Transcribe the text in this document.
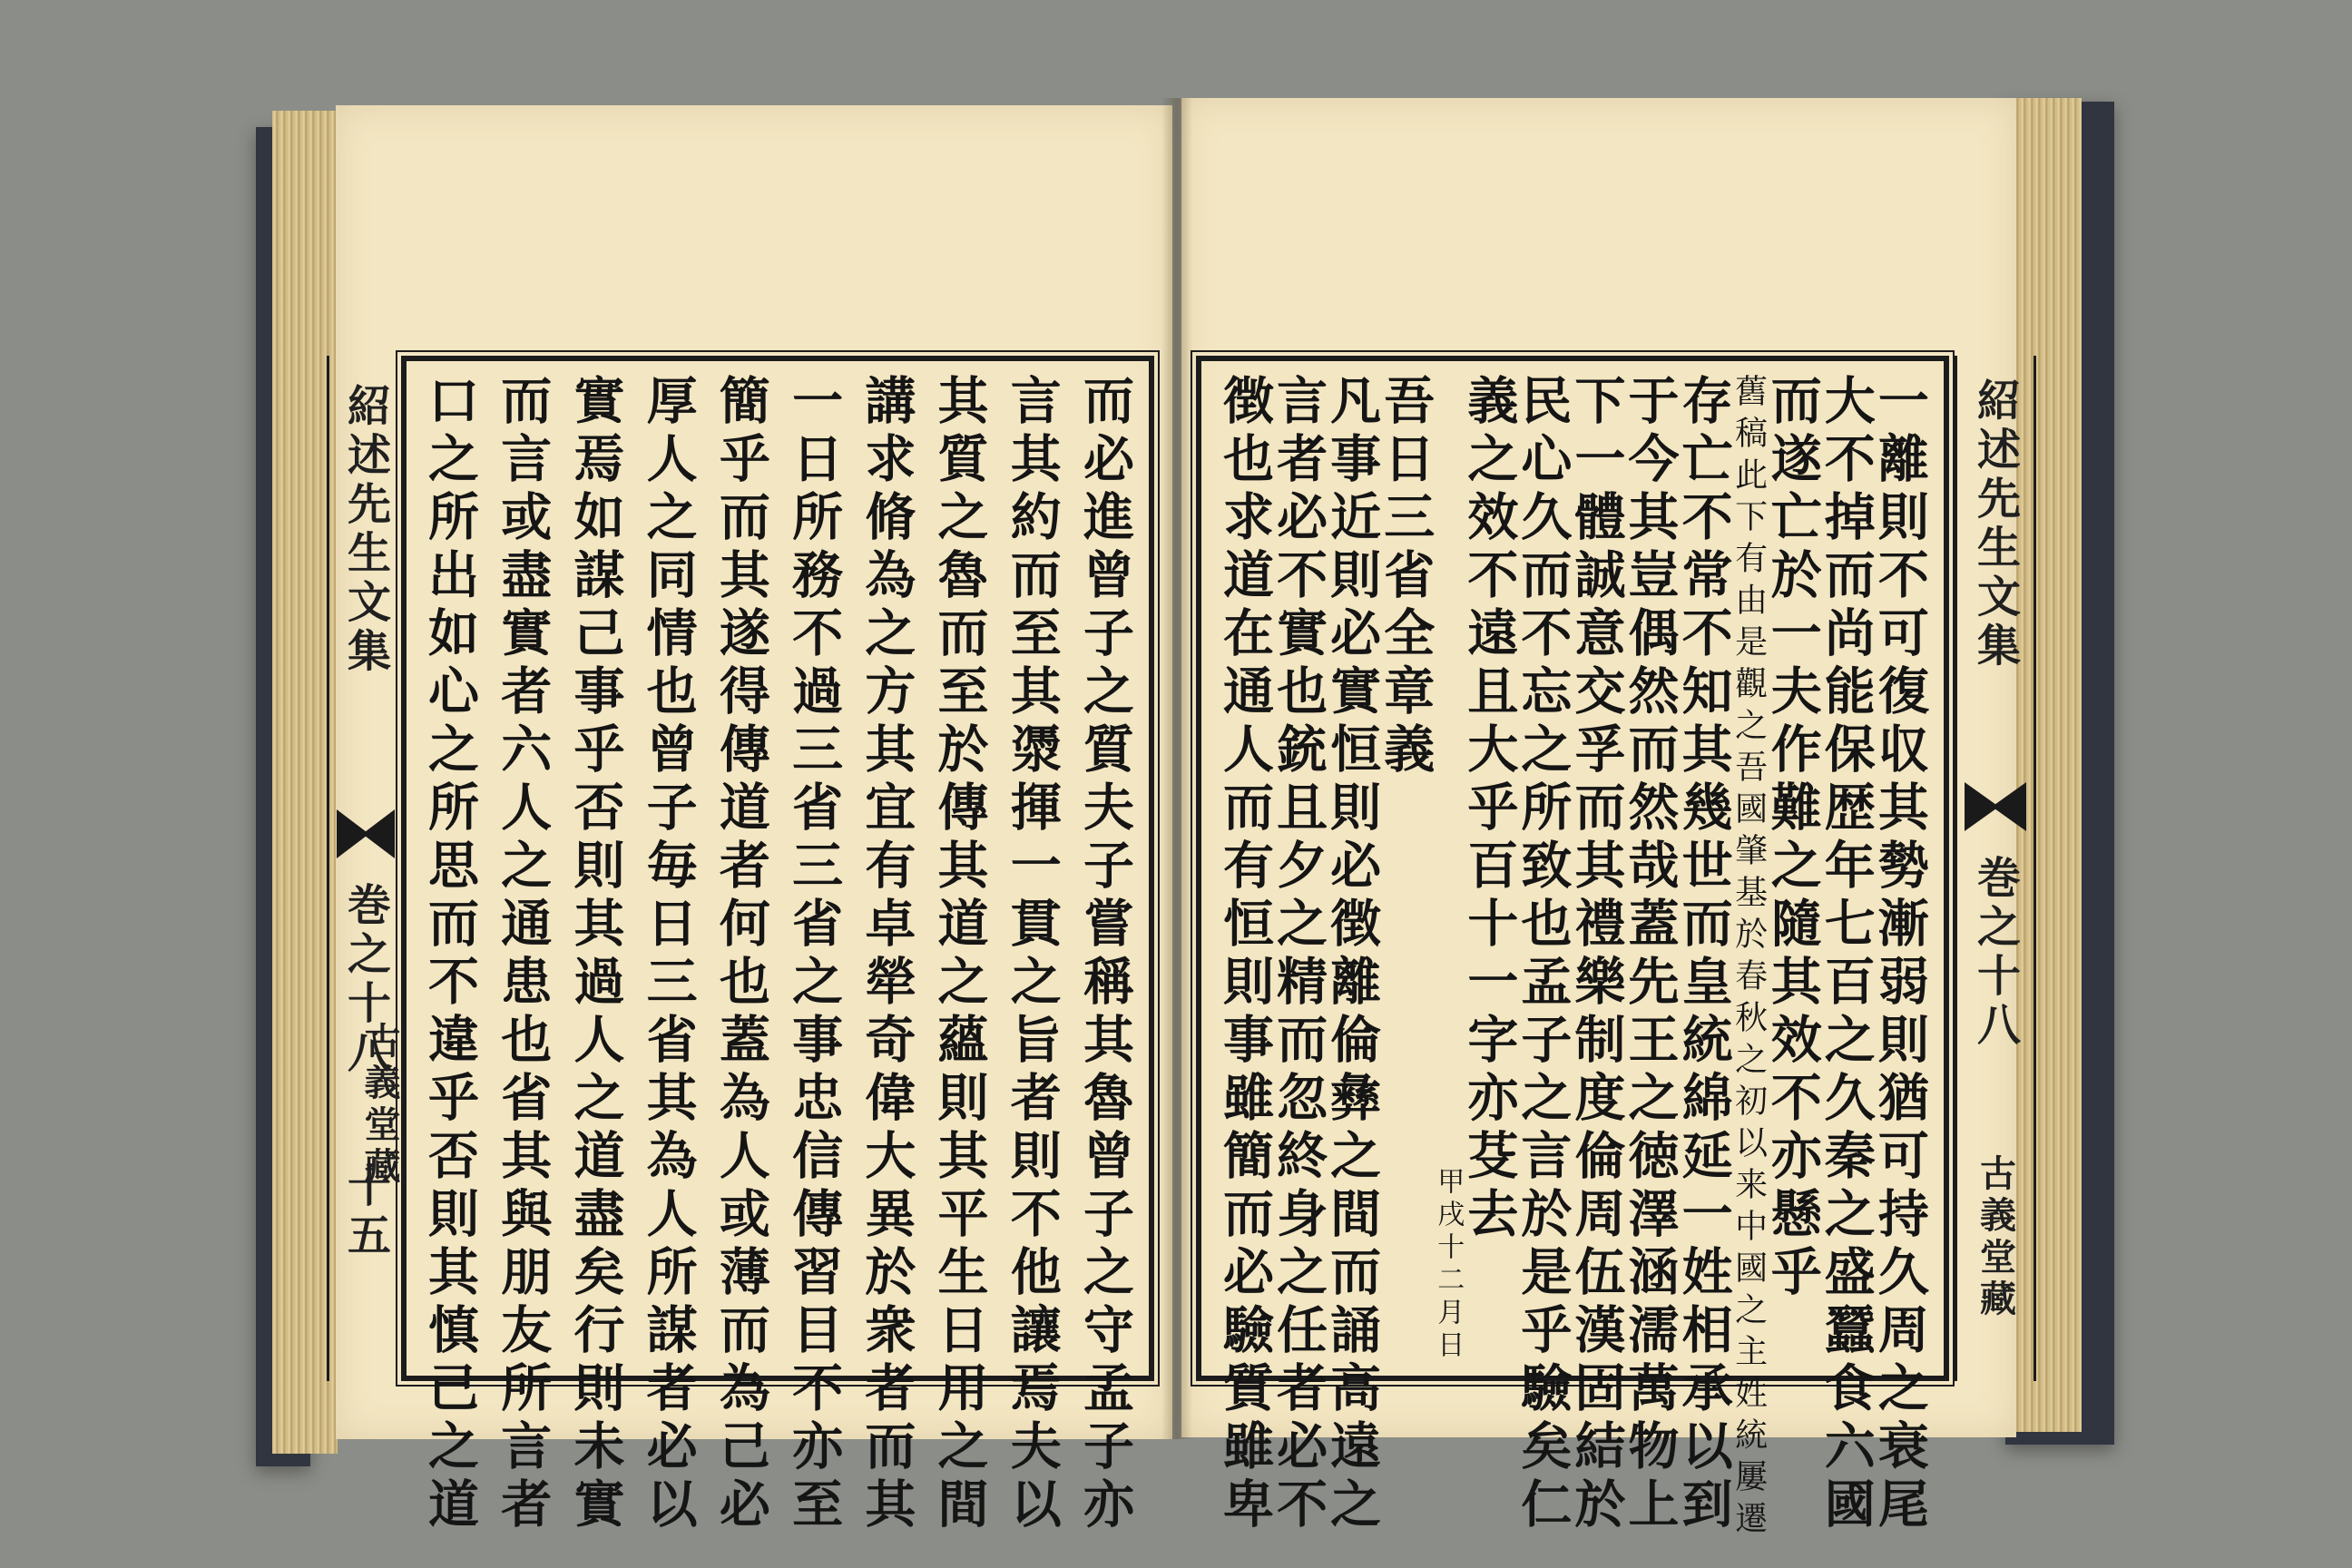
而必進曾子之質夫子嘗稱其魯曾子之守孟子亦
言其約而至其㵗揮一貫之旨者則不他讓焉夫以
其質之魯而至於傳其道之蘊則其平生日用之間
講求脩為之方其宜有卓犖奇偉大異於衆者而其
一日所務不過三省三省之事忠信傳習目不亦至
簡乎而其遂得傳道者何也蓋為人或薄而為己必
厚人之同情也曾子毎日三省其為人所謀者必以
實焉如謀己事乎否則其過人之道盡矣行則未實
而言或盡實者六人之通患也省其與朋友所言者
口之所出如心之所思而不違乎否則其慎己之道
紹述先生文集
巻之十八
十五
古義堂藏	一離則不可復収其勢漸弱則猶可持久周之衰尾
大不掉而尚能保歴年七百之久秦之盛蠶食六國
而遂亡於一夫作難之隨其效不亦懸乎
舊稿此下有由是觀之吾國肇基於春秋之初以来中國之主姓統屢遷
存亡不常不知其幾世而皇統綿延一姓相承以到
于今其豈偶然而然哉蓋先王之徳澤涵濡萬物上
下一體誠意交孚而其禮樂制度倫周伍漢固結於
民心久而不忘之所致也孟子之言於是乎驗矣仁
義之效不遠且大乎百十一字亦芟去
甲戌十二月日
吾日三省全章義
凡事近則必實恒則必徴離倫彝之間而誦高遠之
言者必不實也銃且夕之精而忽終身之任者必不
徴也求道在通人而有恒則事雖簡而必驗質雖卑	紹述先生文集
巻之十八
古義堂藏
